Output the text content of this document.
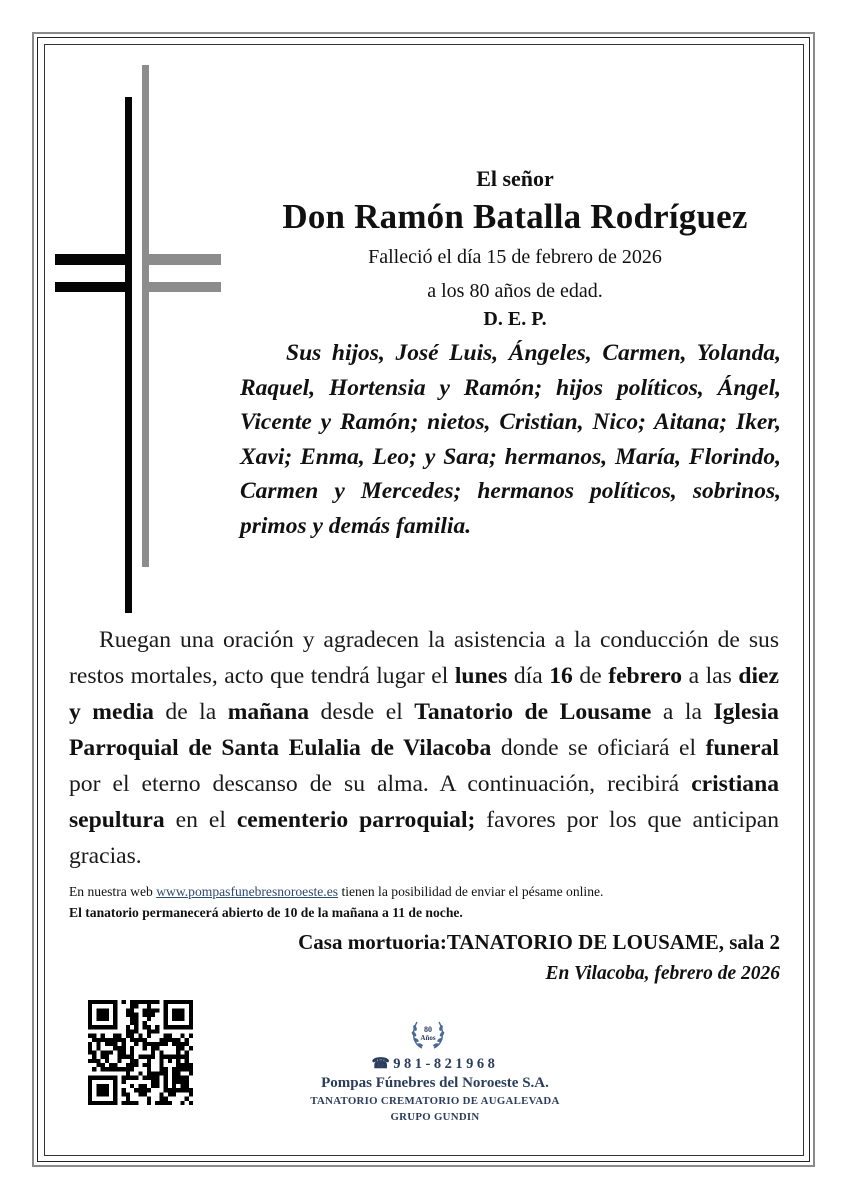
El señor
Don Ramón Batalla Rodríguez
Falleció el día 15 de febrero de 2026
a los 80 años de edad.
D. E. P.
Sus hijos, José Luis, Ángeles, Carmen, Yolanda, Raquel, Hortensia y Ramón; hijos políticos, Ángel, Vicente y Ramón; nietos, Cristian, Nico; Aitana; Iker, Xavi; Enma, Leo; y Sara; hermanos, María, Florindo, Carmen y Mercedes; hermanos políticos, sobrinos, primos y demás familia.
Ruegan una oración y agradecen la asistencia a la conducción de sus restos mortales, acto que tendrá lugar el lunes día 16 de febrero a las diez y media de la mañana desde el Tanatorio de Lousame a la Iglesia Parroquial de Santa Eulalia de Vilacoba donde se oficiará el funeral por el eterno descanso de su alma. A continuación, recibirá cristiana sepultura en el cementerio parroquial; favores por los que anticipan gracias.
En nuestra web www.pompasfunebresnoroeste.es tienen la posibilidad de enviar el pésame online.
El tanatorio permanecerá abierto de 10 de la mañana a 11 de noche.
Casa mortuoria:TANATORIO DE LOUSAME, sala 2
En Vilacoba, febrero de 2026
80
Años
☎981-821968
Pompas Fúnebres del Noroeste S.A.
TANATORIO CREMATORIO DE AUGALEVADA
GRUPO GUNDIN
